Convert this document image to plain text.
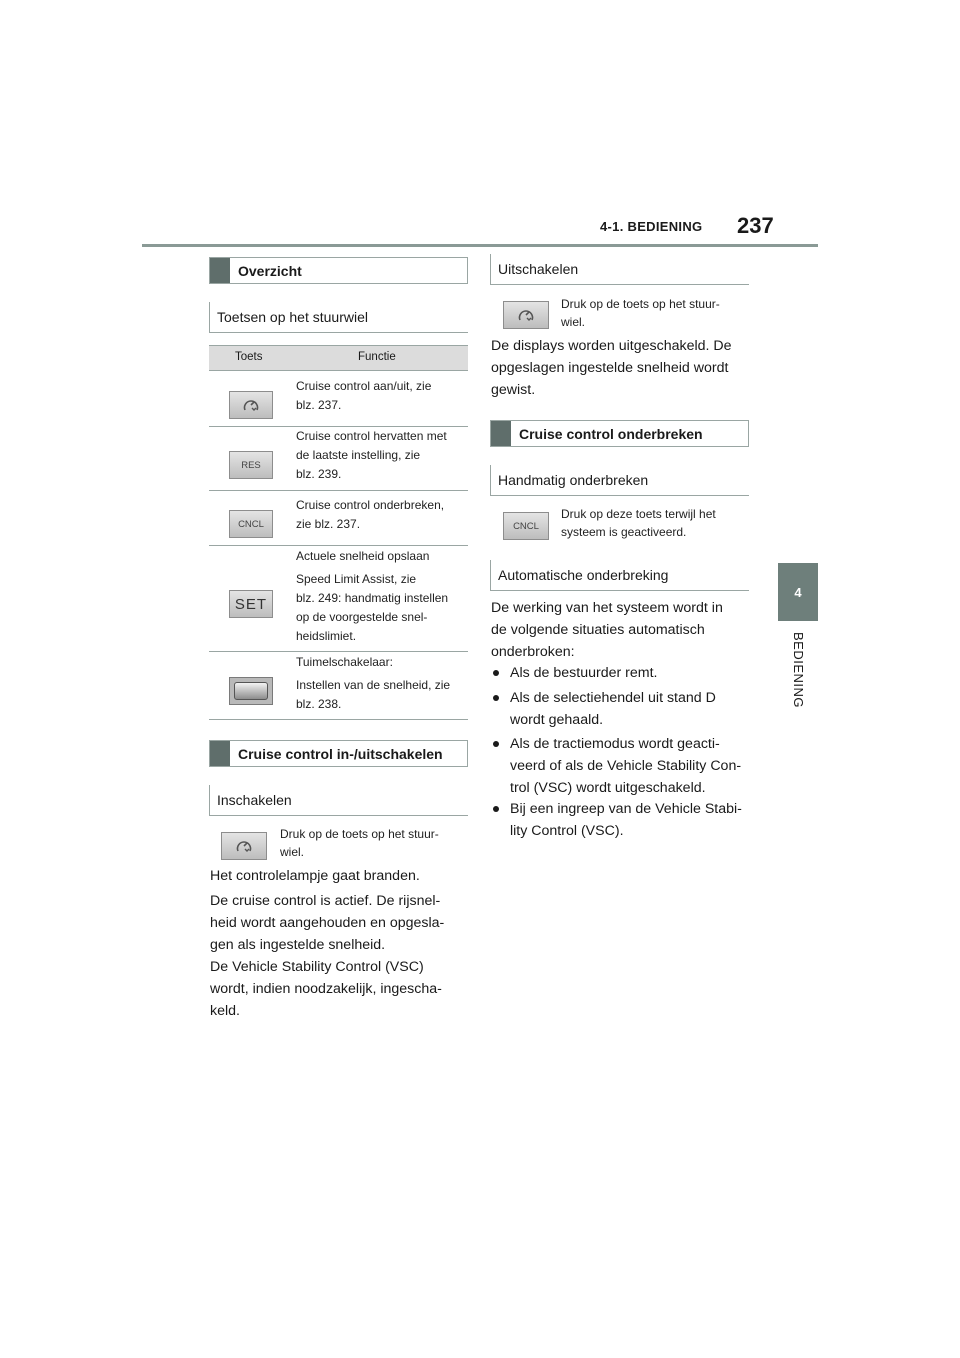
4-1. BEDIENING 237
4
BEDIENING
Overzicht
Toetsen op het stuurwiel
Toets	Functie
Cruise control aan/uit, zie
blz. 237.
RES
Cruise control hervatten met
de laatste instelling, zie
blz. 239.
CNCL
Cruise control onderbreken,
zie blz. 237.
SET
Actuele snelheid opslaan
Speed Limit Assist, zie
blz. 249: handmatig instellen
op de voorgestelde snel-
heidslimiet.
Tuimelschakelaar:
Instellen van de snelheid, zie
blz. 238.
Cruise control in-/uitschakelen
Inschakelen
Druk op de toets op het stuur-
wiel.
Het controlelampje gaat branden.
De cruise control is actief. De rijsnel-
heid wordt aangehouden en opgesla-
gen als ingestelde snelheid.
De Vehicle Stability Control (VSC)
wordt, indien noodzakelijk, ingescha-
keld.
Uitschakelen
Druk op de toets op het stuur-
wiel.
De displays worden uitgeschakeld. De
opgeslagen ingestelde snelheid wordt
gewist.
Cruise control onderbreken
Handmatig onderbreken
CNCL
Druk op deze toets terwijl het
systeem is geactiveerd.
Automatische onderbreking
De werking van het systeem wordt in
de volgende situaties automatisch
onderbroken:
Als de bestuurder remt.
Als de selectiehendel uit stand D
wordt gehaald.
Als de tractiemodus wordt geacti-
veerd of als de Vehicle Stability Con-
trol (VSC) wordt uitgeschakeld.
Bij een ingreep van de Vehicle Stabi-
lity Control (VSC).
